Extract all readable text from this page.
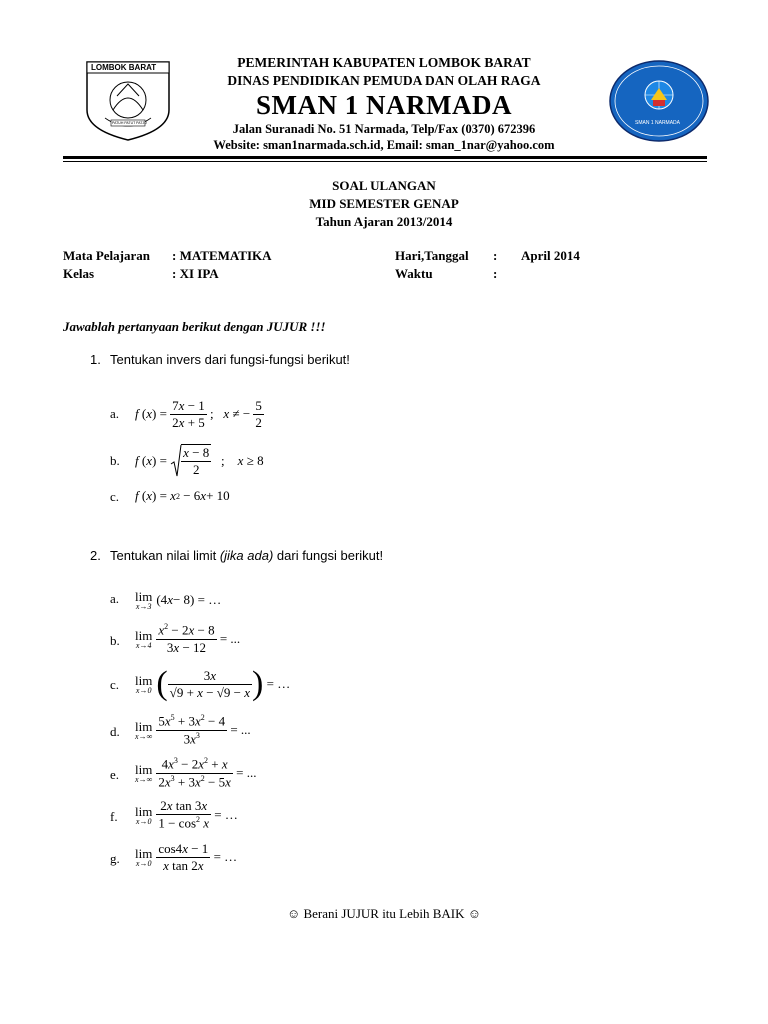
LOMBOK BARAT
PATUH PATUT PATJU	SMAN 1 NARMADA
PEMERINTAH KABUPATEN LOMBOK BARAT
DINAS PENDIDIKAN PEMUDA DAN OLAH RAGA
SMAN 1 NARMADA
Jalan Suranadi No. 51 Narmada, Telp/Fax (0370) 672396
Website: sman1narmada.sch.id, Email: sman_1nar@yahoo.com
SOAL ULANGAN
MID SEMESTER GENAP
Tahun Ajaran 2013/2014
Mata Pelajaran : MATEMATIKA
Kelas	: XI IPA
Hari,Tanggal : April 2014
Waktu	:
Jawablah pertanyaan berikut dengan JUJUR !!!
1. Tentukan invers dari fungsi-fungsi berikut!
a. f ( x ) = $\frac{7x - 1}{2x + 5}$ ; x ≠ − $\frac{5}{2}$
b. f ( x ) = $\frac{x - 8}{2}$ ; x ≥ 8
c. f ( x ) = x 2 − 6 x + 10
2. Tentukan nilai limit (jika ada) dari fungsi berikut!
a. lim
x→3 (4 x − 8) = …
b. lim
$x\to 4 \frac{x^2 - 2x - 8}{3x - 12}$ = ...
c. lim
x→0 ( $\frac{3x}{√9 + x - √9 - x}$ ) = …
d. lim
$x\to\infty \frac{5x^5 + 3x^2 - 4}{3x^3}$ = ...
e. lim
$x\to\infty \frac{4x^3 - 2x^2 + x}{2x^3 + 3x^2 - 5x}$ = ...
f. lim
$x\to 0 \frac{\text{2x tan 3x}}{1 - \cos^2 x}$ = …
g. lim
$x\to 0 \frac{\cos 4x - 1}{\text{x tan 2x}}$ = …
☺ Berani JUJUR itu Lebih BAIK ☺
